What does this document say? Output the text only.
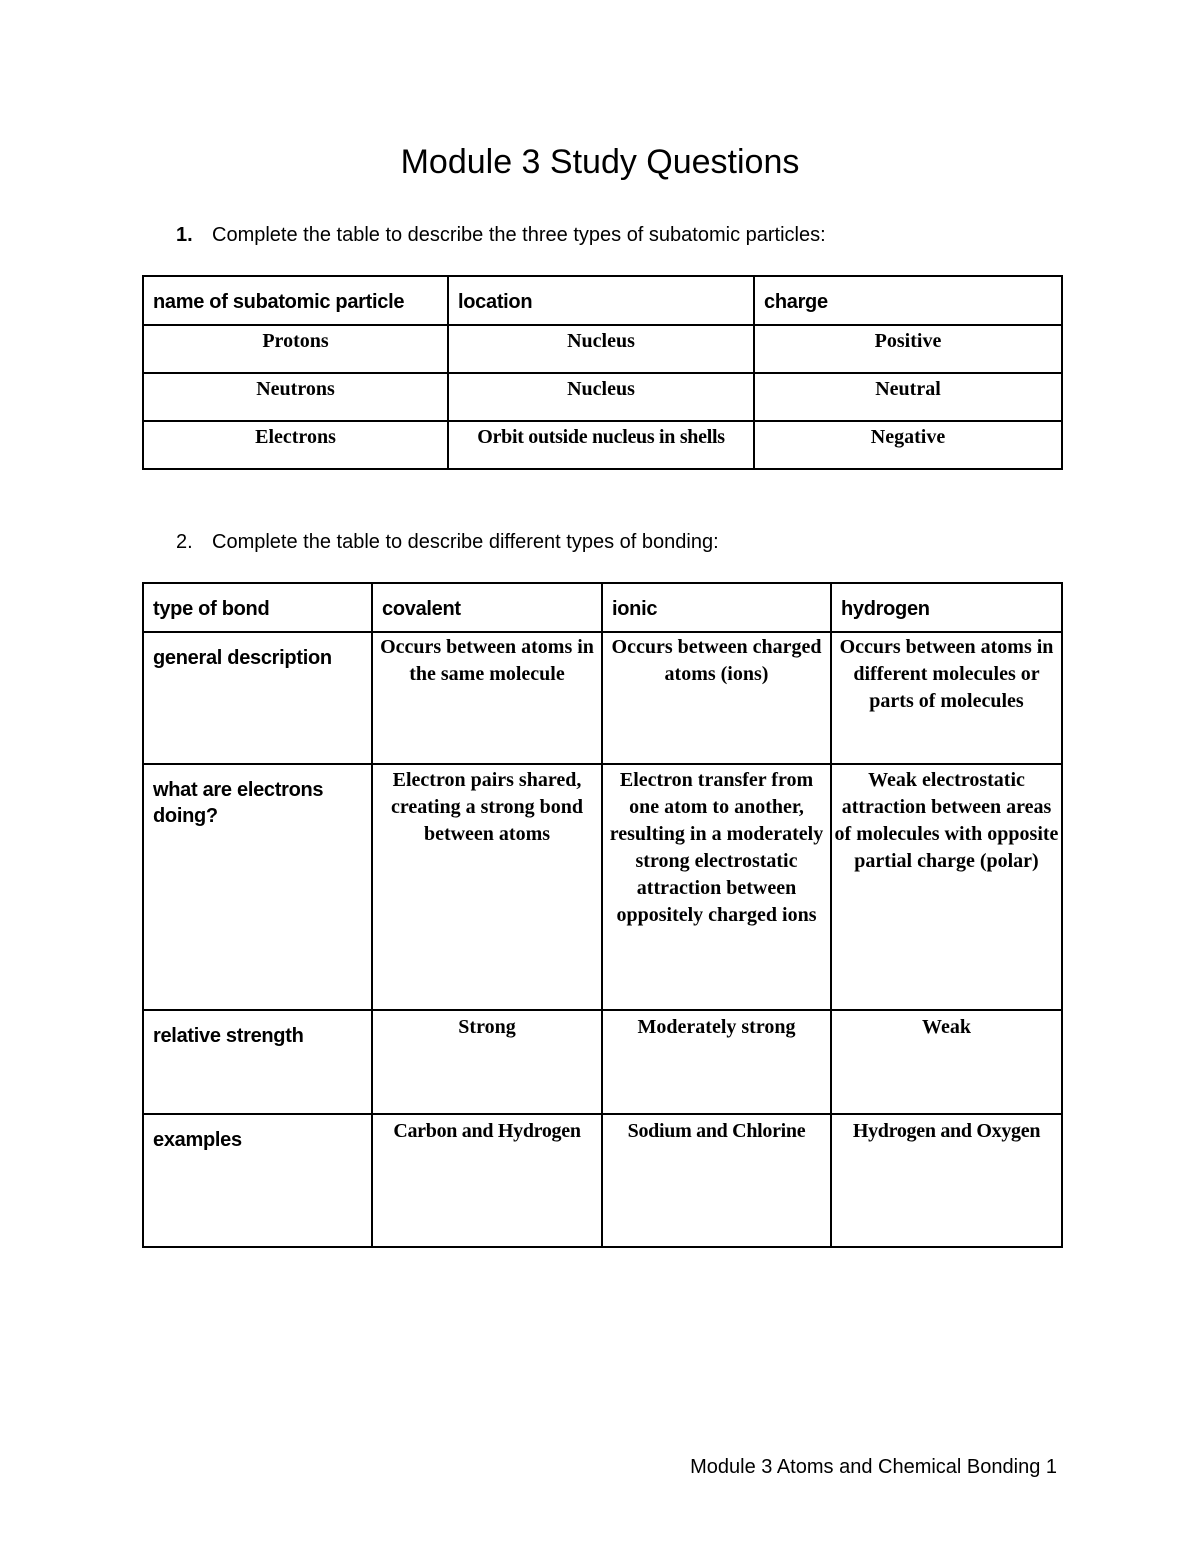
Module 3 Study Questions
1. Complete the table to describe the three types of subatomic particles:
name of subatomic particle	location	charge
Protons	Nucleus	Positive
Neutrons	Nucleus	Neutral
Electrons	Orbit outside nucleus in shells	Negative
2. Complete the table to describe different types of bonding:
type of bond	covalent	ionic	hydrogen
general description	Occurs between atoms in the same molecule	Occurs between charged atoms (ions)	Occurs between atoms in different molecules or parts of molecules
what are electrons doing?	Electron pairs shared, creating a strong bond between atoms	Electron transfer from one atom to another, resulting in a moderately strong electrostatic attraction between oppositely charged ions	Weak electrostatic attraction between areas of molecules with opposite partial charge (polar)
relative strength	Strong	Moderately strong	Weak
examples	Carbon and Hydrogen	Sodium and Chlorine	Hydrogen and Oxygen
Module 3 Atoms and Chemical Bonding 1
